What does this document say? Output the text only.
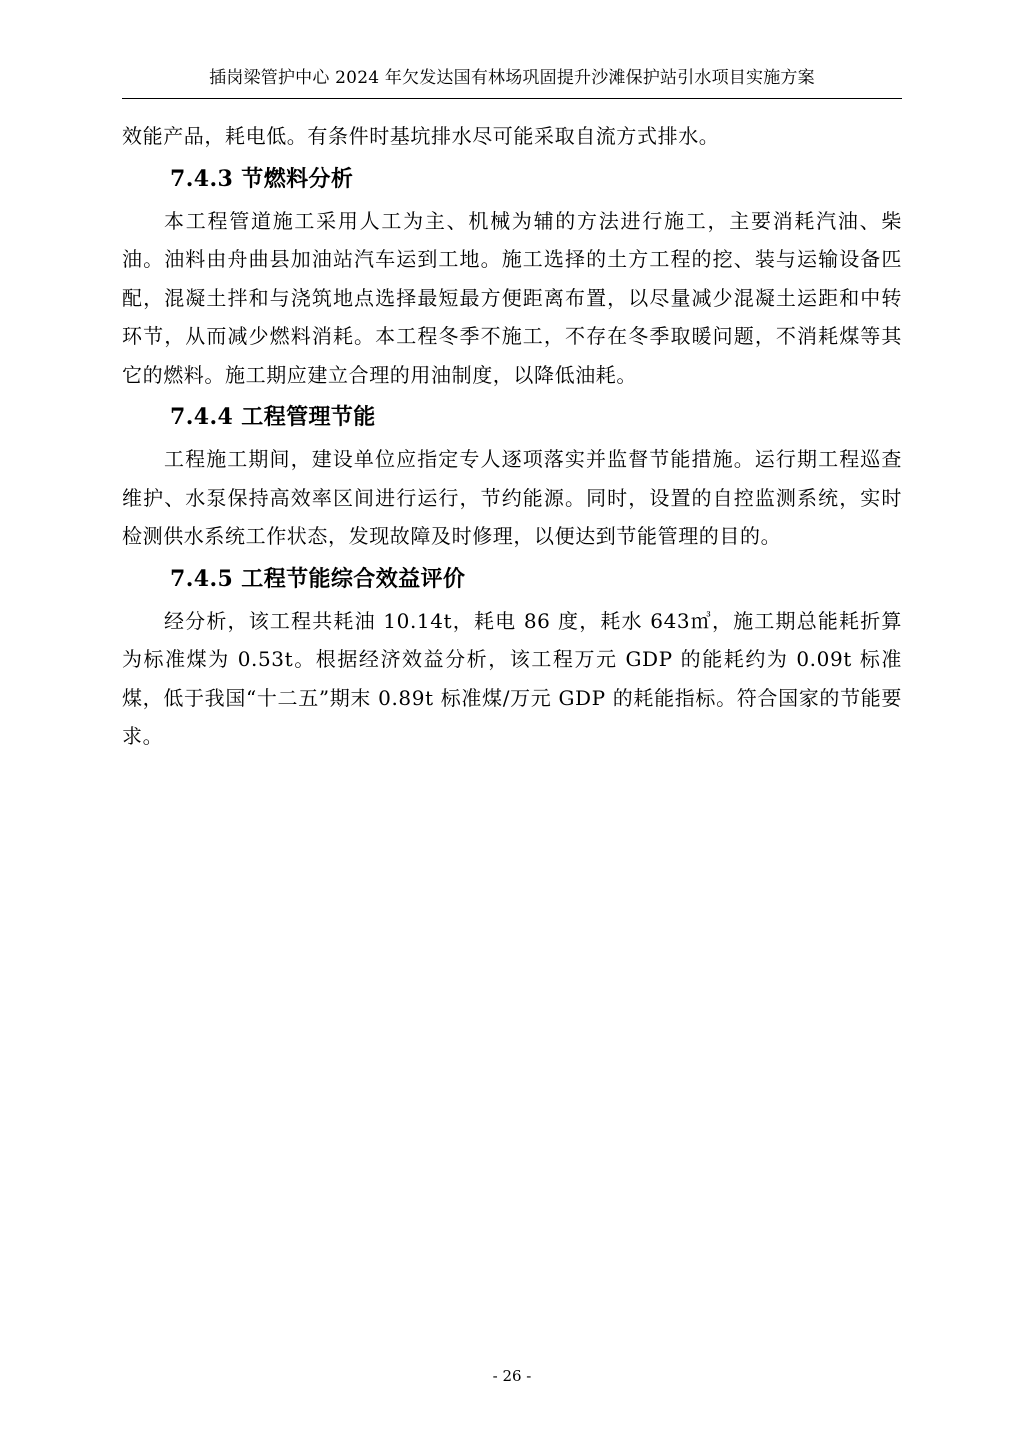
插岗梁管护中心 2024 年欠发达国有林场巩固提升沙滩保护站引水项目实施方案

效能产品，耗电低。有条件时基坑排水尽可能采取自流方式排水。

7.4.3 节燃料分析

本工程管道施工采用人工为主、机械为辅的方法进行施工，主要消耗汽油、柴油。油料由舟曲县加油站汽车运到工地。施工选择的土方工程的挖、装与运输设备匹配，混凝土拌和与浇筑地点选择最短最方便距离布置，以尽量减少混凝土运距和中转环节，从而减少燃料消耗。本工程冬季不施工，不存在冬季取暖问题，不消耗煤等其它的燃料。施工期应建立合理的用油制度，以降低油耗。

7.4.4 工程管理节能

工程施工期间，建设单位应指定专人逐项落实并监督节能措施。运行期工程巡查维护、水泵保持高效率区间进行运行，节约能源。同时，设置的自控监测系统，实时检测供水系统工作状态，发现故障及时修理，以便达到节能管理的目的。

7.4.5 工程节能综合效益评价

经分析，该工程共耗油 10.14t，耗电 86 度，耗水 643㎥，施工期总能耗折算为标准煤为 0.53t。根据经济效益分析，该工程万元 GDP 的能耗约为 0.09t 标准煤，低于我国“十二五”期末 0.89t 标准煤/万元 GDP 的耗能指标。符合国家的节能要求。

- 26 -
